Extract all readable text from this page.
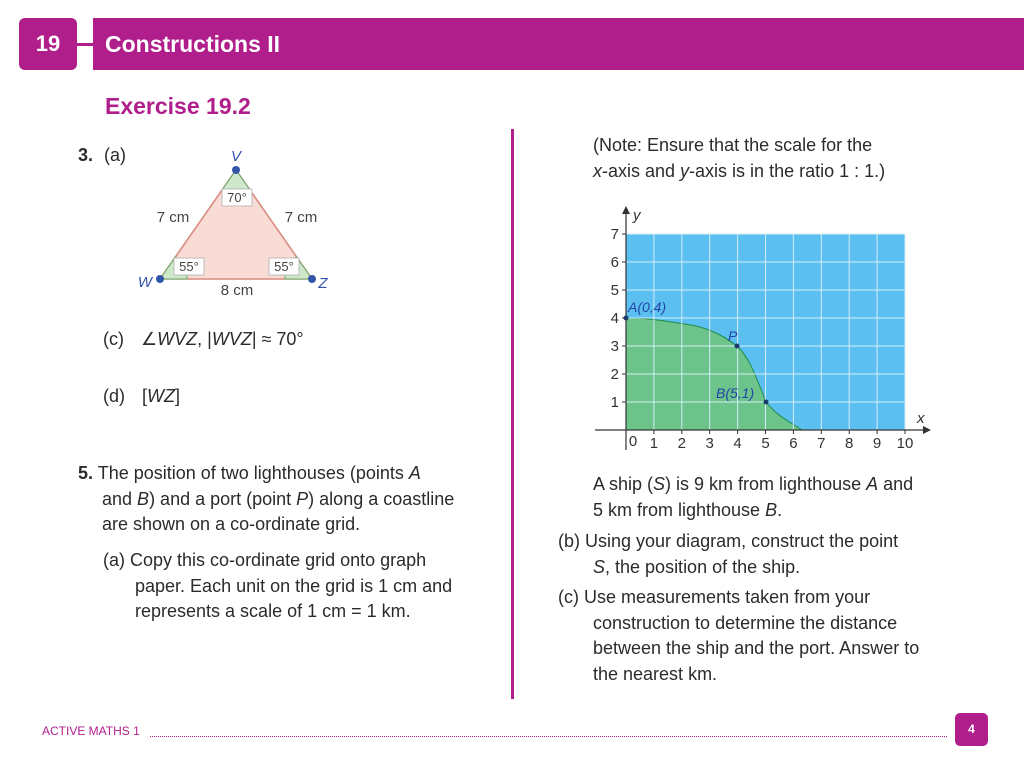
19	Constructions II
Exercise 19.2
3. (a)
70°
55°	55°
V
W	Z
7 cm	7 cm
8 cm
(c) ∠WVZ, |WVZ| ≈ 70°
(d) [WZ]
5. The position of two lighthouses (points A
and B) and a port (point P) along a coastline
are shown on a co-ordinate grid.
(a) Copy this co-ordinate grid onto graph
paper. Each unit on the grid is 1 cm and
represents a scale of 1 cm = 1 km.
(Note: Ensure that the scale for the
x-axis and y-axis is in the ratio 1 : 1.)
y
x
0 1 2 3 4 5 6 7 8 9 10
1
2
3
4
5
6
7
A(0,4)
P
B(5,1)
A ship (S) is 9 km from lighthouse A and
5 km from lighthouse B.
(b) Using your diagram, construct the point
S, the position of the ship.
(c) Use measurements taken from your
construction to determine the distance
between the ship and the port. Answer to
the nearest km.
ACTIVE MATHS 1	4
